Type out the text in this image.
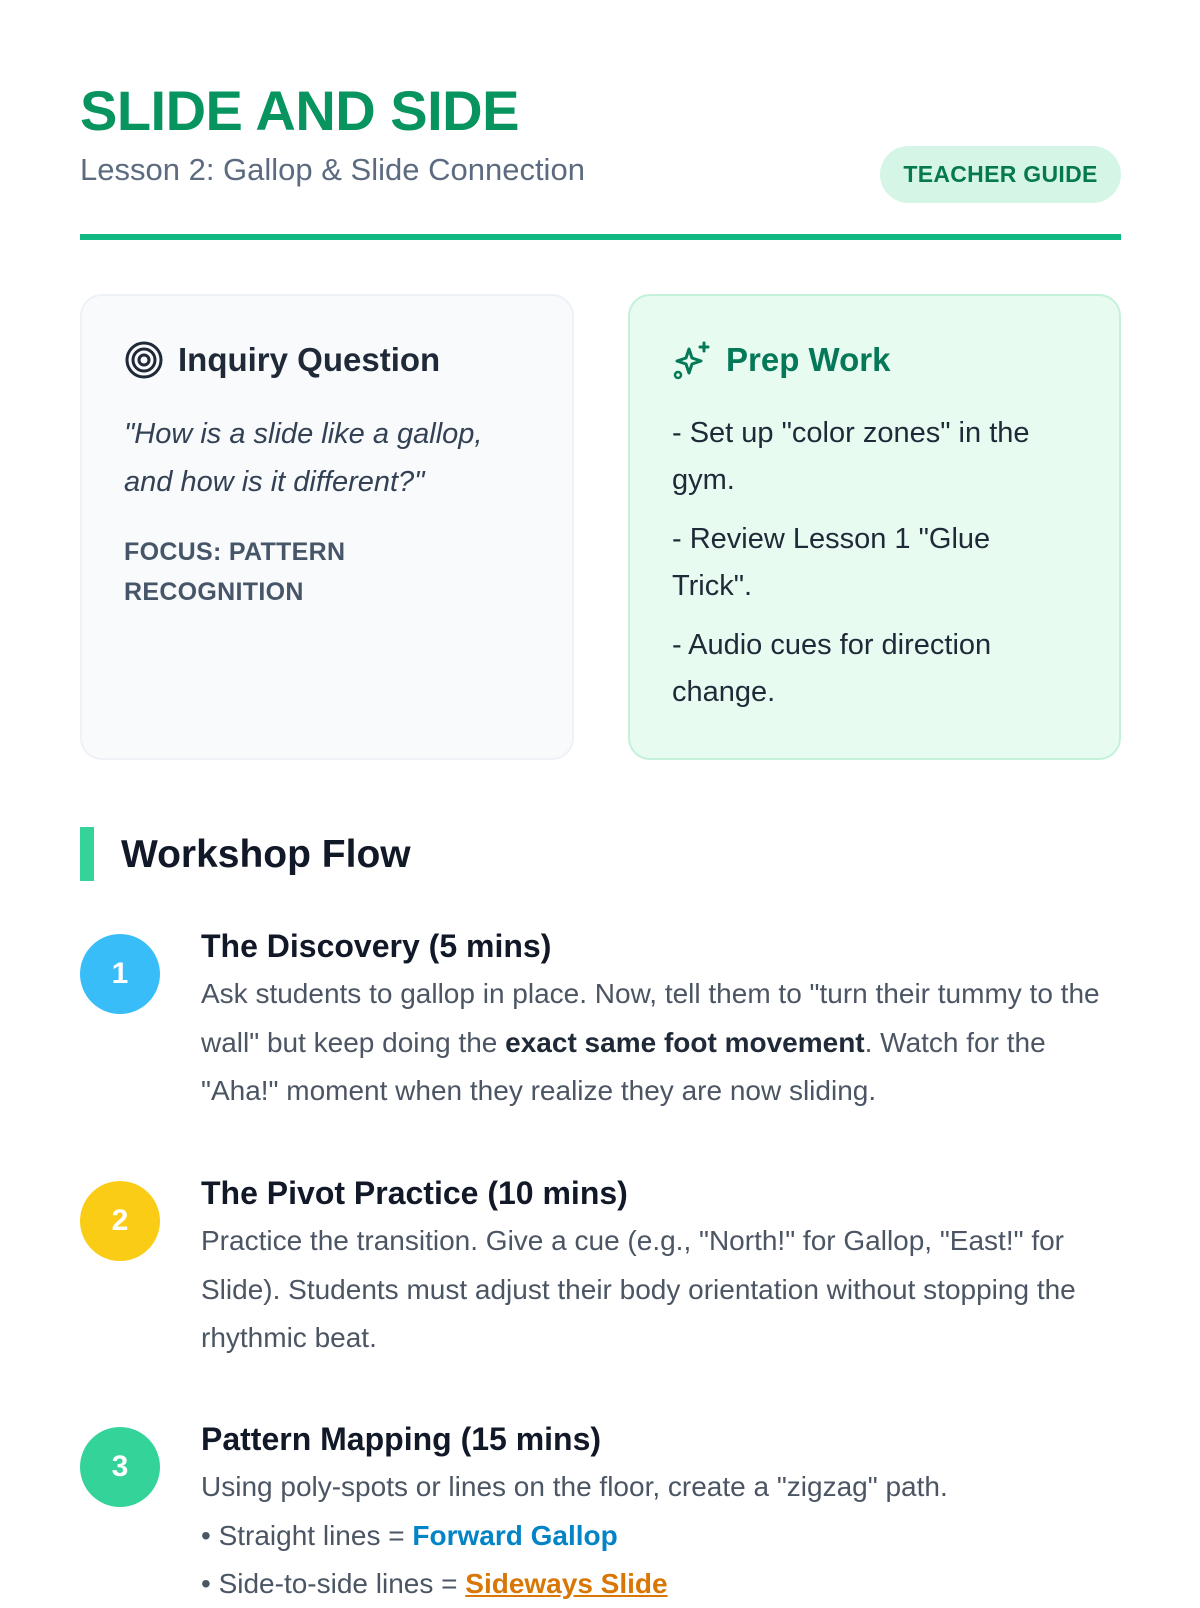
SLIDE AND SIDE

Lesson 2: Gallop & Slide Connection	TEACHER GUIDE
Inquiry Question

"How is a slide like a gallop, and how is it different?"

FOCUS: PATTERN RECOGNITION
Prep Work

- Set up "color zones" in the gym.

- Review Lesson 1 "Glue Trick".

- Audio cues for direction change.

Workshop Flow
1

The Discovery (5 mins)

Ask students to gallop in place. Now, tell them to "turn their tummy to the wall" but keep doing the exact same foot movement. Watch for the "Aha!" moment when they realize they are now sliding.

2

The Pivot Practice (10 mins)

Practice the transition. Give a cue (e.g., "North!" for Gallop, "East!" for Slide). Students must adjust their body orientation without stopping the rhythmic beat.

3

Pattern Mapping (15 mins)

Using poly-spots or lines on the floor, create a "zigzag" path.

• Straight lines = Forward Gallop
• Side-to-side lines = Sideways Slide
